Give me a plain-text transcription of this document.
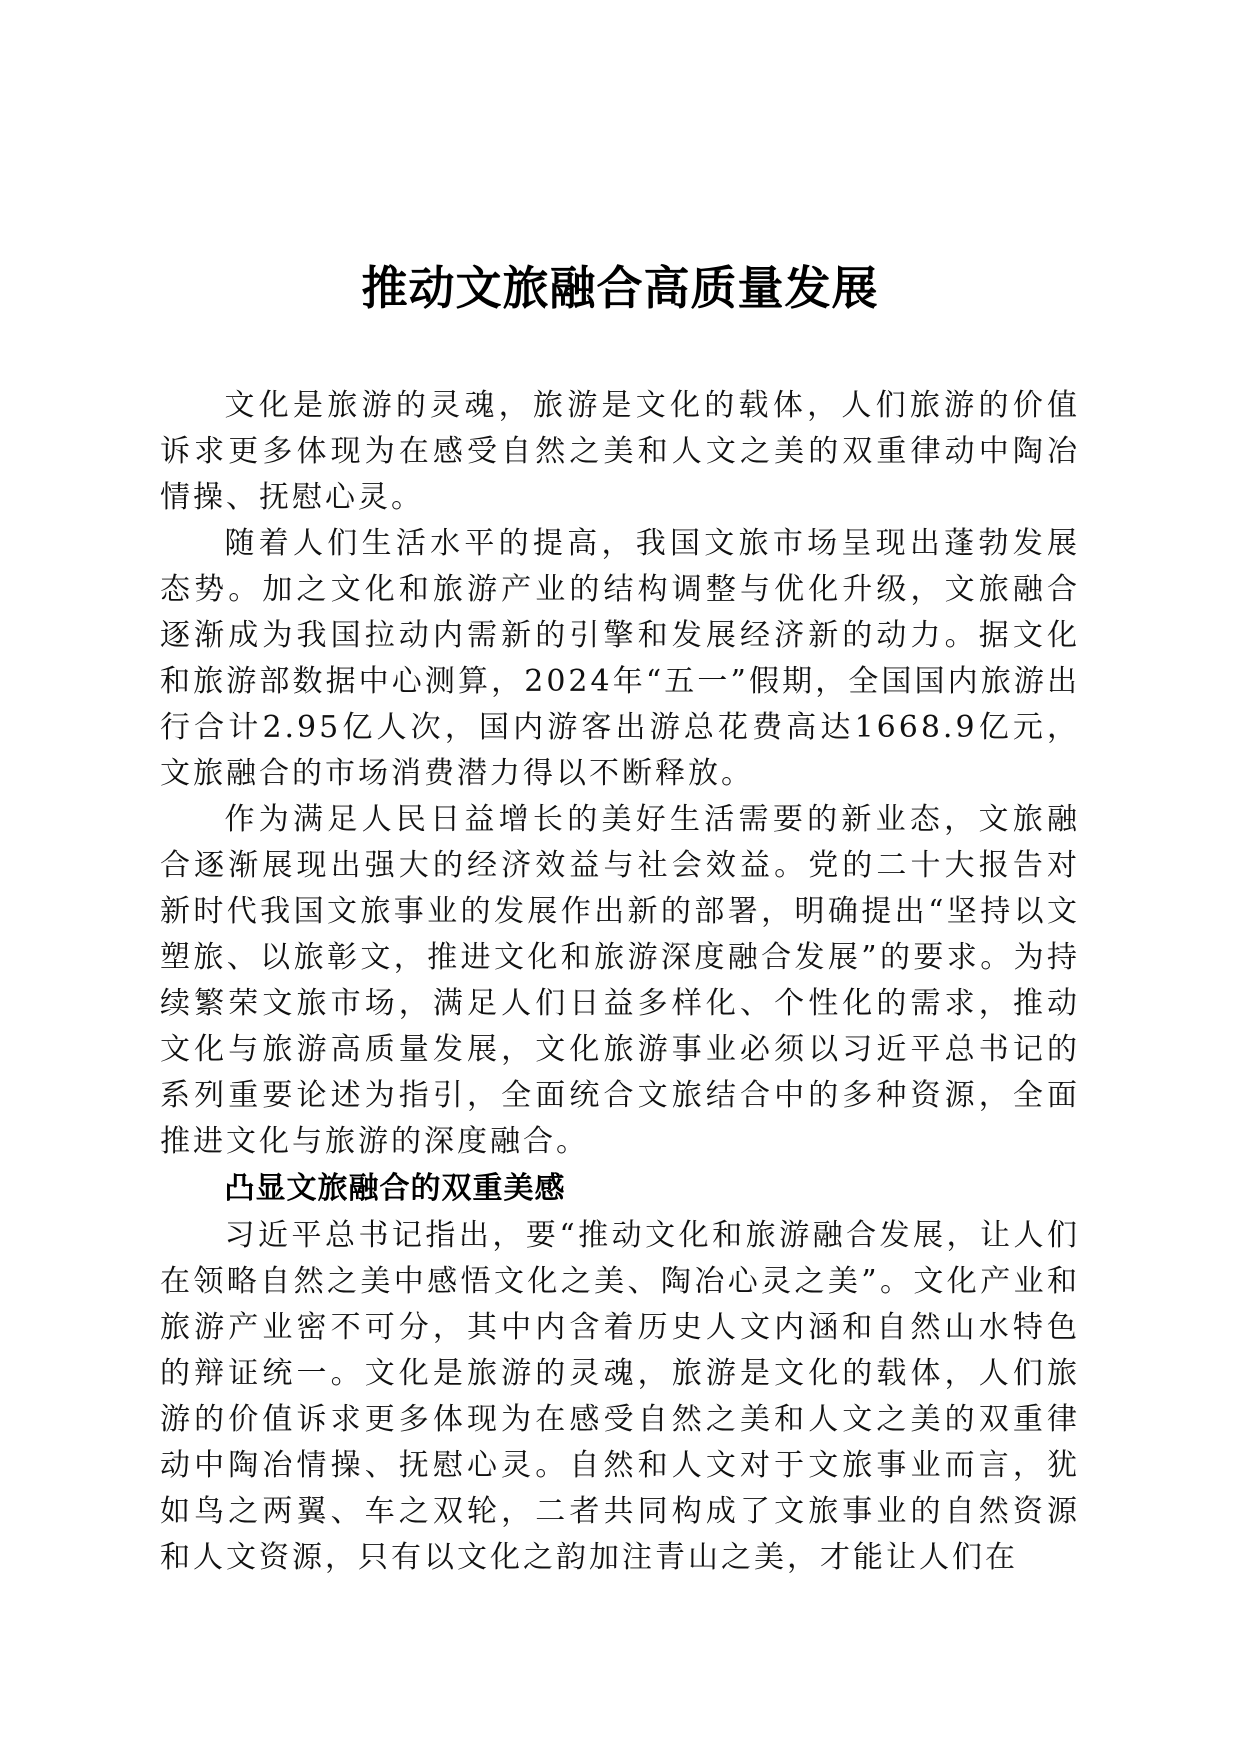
推动文旅融合高质量发展

文化是旅游的灵魂，旅游是文化的载体，人们旅游的价值诉求更多体现为在感受自然之美和人文之美的双重律动中陶冶情操、抚慰心灵。

随着人们生活水平的提高，我国文旅市场呈现出蓬勃发展态势。加之文化和旅游产业的结构调整与优化升级，文旅融合逐渐成为我国拉动内需新的引擎和发展经济新的动力。据文化和旅游部数据中心测算，2024年“五一”假期，全国国内旅游出行合计2.95亿人次，国内游客出游总花费高达1668.9亿元，文旅融合的市场消费潜力得以不断释放。

作为满足人民日益增长的美好生活需要的新业态，文旅融合逐渐展现出强大的经济效益与社会效益。党的二十大报告对新时代我国文旅事业的发展作出新的部署，明确提出“坚持以文塑旅、以旅彰文，推进文化和旅游深度融合发展”的要求。为持续繁荣文旅市场，满足人们日益多样化、个性化的需求，推动文化与旅游高质量发展，文化旅游事业必须以习近平总书记的系列重要论述为指引，全面统合文旅结合中的多种资源，全面推进文化与旅游的深度融合。

凸显文旅融合的双重美感

习近平总书记指出，要“推动文化和旅游融合发展，让人们在领略自然之美中感悟文化之美、陶冶心灵之美”。文化产业和旅游产业密不可分，其中内含着历史人文内涵和自然山水特色的辩证统一。文化是旅游的灵魂，旅游是文化的载体，人们旅游的价值诉求更多体现为在感受自然之美和人文之美的双重律动中陶冶情操、抚慰心灵。自然和人文对于文旅事业而言，犹如鸟之两翼、车之双轮，二者共同构成了文旅事业的自然资源和人文资源，只有以文化之韵加注青山之美，才能让人们在
